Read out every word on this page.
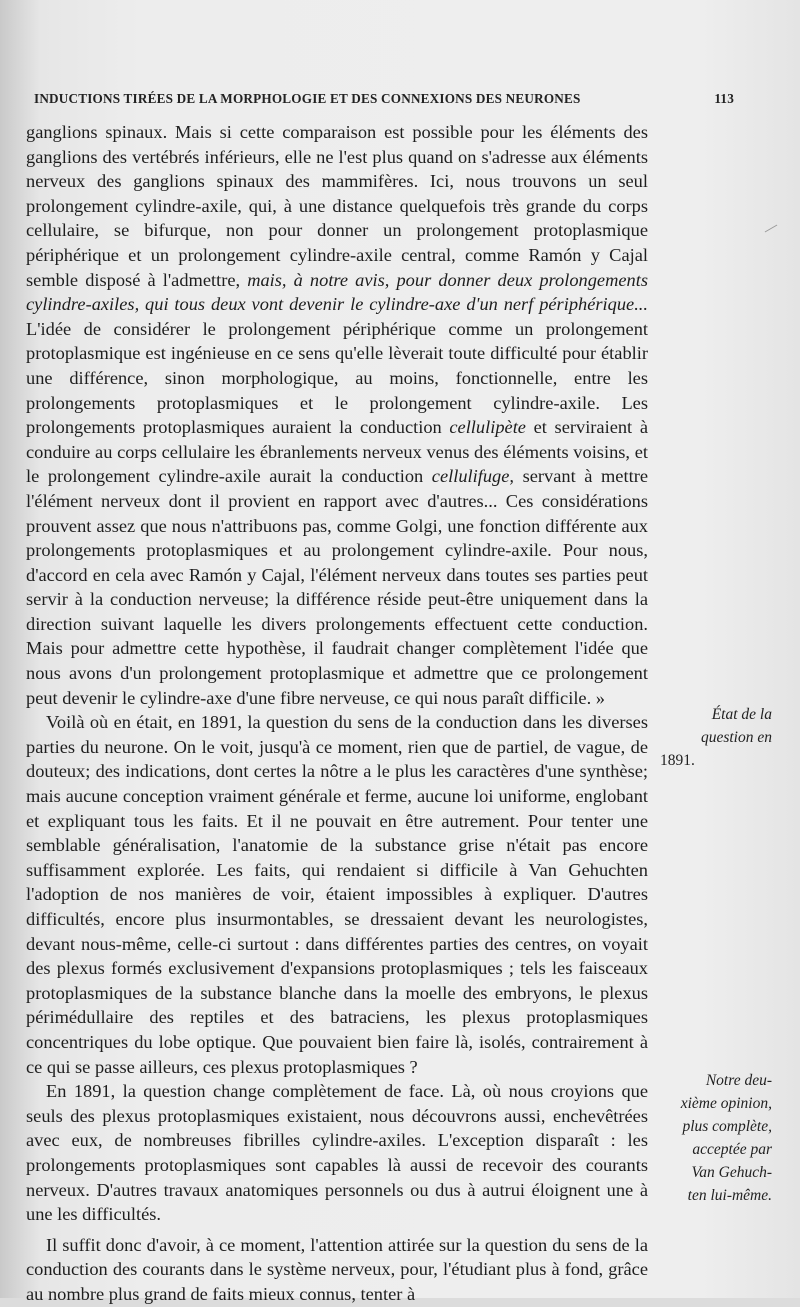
INDUCTIONS TIRÉES DE LA MORPHOLOGIE ET DES CONNEXIONS DES NEURONES	113

ganglions spinaux. Mais si cette comparaison est possible pour les éléments des ganglions des vertébrés inférieurs, elle ne l'est plus quand on s'adresse aux éléments nerveux des ganglions spinaux des mammifères. Ici, nous trouvons un seul prolongement cylindre-axile, qui, à une distance quelquefois très grande du corps cellulaire, se bifurque, non pour donner un prolongement protoplasmique périphérique et un prolongement cylindre-axile central, comme Ramón y Cajal semble disposé à l'admettre, mais, à notre avis, pour donner deux prolongements cylindre-axiles, qui tous deux vont devenir le cylindre-axe d'un nerf périphérique... L'idée de considérer le prolongement périphérique comme un prolongement protoplasmique est ingénieuse en ce sens qu'elle lèverait toute difficulté pour établir une différence, sinon morphologique, au moins, fonctionnelle, entre les prolongements protoplasmiques et le prolongement cylindre-axile. Les prolongements protoplasmiques auraient la conduction cellulipète et serviraient à conduire au corps cellulaire les ébranlements nerveux venus des éléments voisins, et le prolongement cylindre-axile aurait la conduction cellulifuge, servant à mettre l'élément nerveux dont il provient en rapport avec d'autres... Ces considérations prouvent assez que nous n'attribuons pas, comme Golgi, une fonction différente aux prolongements protoplasmiques et au prolongement cylindre-axile. Pour nous, d'accord en cela avec Ramón y Cajal, l'élément nerveux dans toutes ses parties peut servir à la conduction nerveuse; la différence réside peut-être uniquement dans la direction suivant laquelle les divers prolongements effectuent cette conduction. Mais pour admettre cette hypothèse, il faudrait changer complètement l'idée que nous avons d'un prolongement protoplasmique et admettre que ce prolongement peut devenir le cylindre-axe d'une fibre nerveuse, ce qui nous paraît difficile. »

Voilà où en était, en 1891, la question du sens de la conduction dans les diverses parties du neurone. On le voit, jusqu'à ce moment, rien que de partiel, de vague, de douteux; des indications, dont certes la nôtre a le plus les caractères d'une synthèse; mais aucune conception vraiment générale et ferme, aucune loi uniforme, englobant et expliquant tous les faits. Et il ne pouvait en être autrement. Pour tenter une semblable généralisation, l'anatomie de la substance grise n'était pas encore suffisamment explorée. Les faits, qui rendaient si difficile à Van Gehuchten l'adoption de nos manières de voir, étaient impossibles à expliquer. D'autres difficultés, encore plus insurmontables, se dressaient devant les neurologistes, devant nous-même, celle-ci surtout : dans différentes parties des centres, on voyait des plexus formés exclusivement d'expansions protoplasmiques ; tels les faisceaux protoplasmiques de la substance blanche dans la moelle des embryons, le plexus périmédullaire des reptiles et des batraciens, les plexus protoplasmiques concentriques du lobe optique. Que pouvaient bien faire là, isolés, contrairement à ce qui se passe ailleurs, ces plexus protoplasmiques ?

En 1891, la question change complètement de face. Là, où nous croyions que seuls des plexus protoplasmiques existaient, nous découvrons aussi, enchevêtrées avec eux, de nombreuses fibrilles cylindre-axiles. L'exception disparaît : les prolongements protoplasmiques sont capables là aussi de recevoir des courants nerveux. D'autres travaux anatomiques personnels ou dus à autrui éloignent une à une les difficultés.

Il suffit donc d'avoir, à ce moment, l'attention attirée sur la question du sens de la conduction des courants dans le système nerveux, pour, l'étudiant plus à fond, grâce au nombre plus grand de faits mieux connus, tenter à

État de la question en
1891.
Notre deu-
xième opinion,
plus complète,
acceptée par
Van Gehuch-
ten lui-même.
